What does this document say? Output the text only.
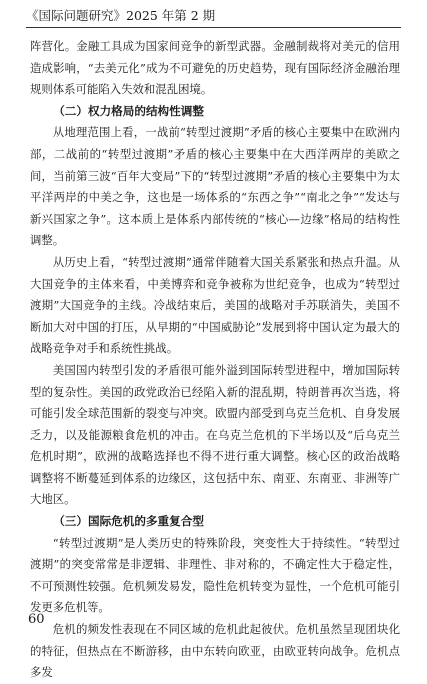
《国际问题研究》2025 年第 2 期

阵营化。金融工具成为国家间竞争的新型武器。金融制裁将对美元的信用造成影响，“去美元化”成为不可避免的历史趋势，现有国际经济金融治理规则体系可能陷入失效和混乱困境。

（二）权力格局的结构性调整

从地理范围上看，一战前“转型过渡期”矛盾的核心主要集中在欧洲内部，二战前的“转型过渡期”矛盾的核心主要集中在大西洋两岸的美欧之间，当前第三波“百年大变局”下的“转型过渡期”矛盾的核心主要集中为太平洋两岸的中美之争，这也是一场体系的“东西之争”“南北之争”“发达与新兴国家之争”。这本质上是体系内部传统的“核心—边缘”格局的结构性调整。

从历史上看，“转型过渡期”通常伴随着大国关系紧张和热点升温。从大国竞争的主体来看，中美博弈和竞争被称为世纪竞争，也成为“转型过渡期”大国竞争的主线。冷战结束后，美国的战略对手苏联消失，美国不断加大对中国的打压，从早期的“中国威胁论”发展到将中国认定为最大的战略竞争对手和系统性挑战。

美国国内转型引发的矛盾很可能外溢到国际转型进程中，增加国际转型的复杂性。美国的政党政治已经陷入新的混乱期，特朗普再次当选，将可能引发全球范围新的裂变与冲突。欧盟内部受到乌克兰危机、自身发展乏力，以及能源粮食危机的冲击。在乌克兰危机的下半场以及“后乌克兰危机时期”，欧洲的战略选择也不得不进行重大调整。核心区的政治战略调整将不断蔓延到体系的边缘区，这包括中东、南亚、东南亚、非洲等广大地区。

（三）国际危机的多重复合型

“转型过渡期”是人类历史的特殊阶段，突变性大于持续性。“转型过渡期”的突变常常是非逻辑、非理性、非对称的，不确定性大于稳定性，不可预测性较强。危机频发易发，隐性危机转变为显性，一个危机可能引发更多危机等。

危机的频发性表现在不同区域的危机此起彼伏。危机虽然呈现团块化的特征，但热点在不断游移，由中东转向欧亚，由欧亚转向战争。危机点多发

60
